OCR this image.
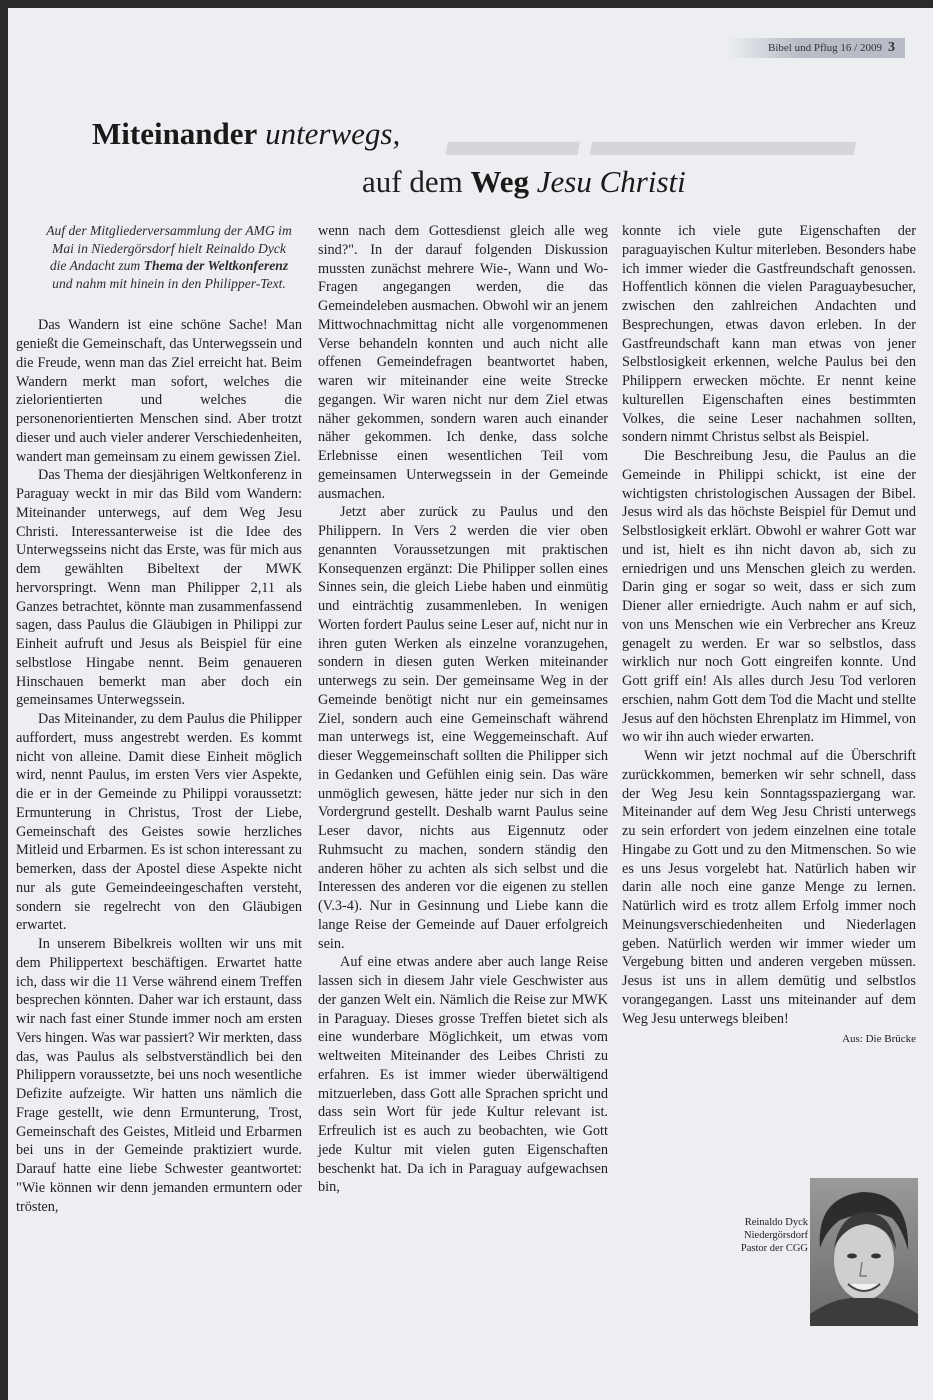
▬▬▬ ▬▬▬▬▬▬
Bibel und Pflug 16 / 2009 3
Miteinander unterwegs,
auf dem Weg Jesu Christi
Auf der Mitgliederversammlung der AMG im Mai in Niedergörsdorf hielt Reinaldo Dyck die Andacht zum Thema der Weltkonferenz und nahm mit hinein in den Philipper-Text.

Das Wandern ist eine schöne Sache! Man genießt die Gemeinschaft, das Unterwegssein und die Freude, wenn man das Ziel erreicht hat. Beim Wandern merkt man sofort, welches die zielorientierten und welches die personenorientierten Menschen sind. Aber trotzt dieser und auch vieler anderer Verschiedenheiten, wandert man gemeinsam zu einem gewissen Ziel.

Das Thema der diesjährigen Weltkonferenz in Paraguay weckt in mir das Bild vom Wandern: Miteinander unterwegs, auf dem Weg Jesu Christi. Interessanterweise ist die Idee des Unterwegsseins nicht das Erste, was für mich aus dem gewählten Bibeltext der MWK hervorspringt. Wenn man Philipper 2,11 als Ganzes betrachtet, könnte man zusammenfassend sagen, dass Paulus die Gläubigen in Philippi zur Einheit aufruft und Jesus als Beispiel für eine selbstlose Hingabe nennt. Beim genaueren Hinschauen bemerkt man aber doch ein gemeinsames Unterwegssein.

Das Miteinander, zu dem Paulus die Philipper auffordert, muss angestrebt werden. Es kommt nicht von alleine. Damit diese Einheit möglich wird, nennt Paulus, im ersten Vers vier Aspekte, die er in der Gemeinde zu Philippi voraussetzt: Ermunterung in Christus, Trost der Liebe, Gemeinschaft des Geistes sowie herzliches Mitleid und Erbarmen. Es ist schon interessant zu bemerken, dass der Apostel diese Aspekte nicht nur als gute Gemeindeeingeschaften versteht, sondern sie regelrecht von den Gläubigen erwartet.

In unserem Bibelkreis wollten wir uns mit dem Philippertext beschäftigen. Erwartet hatte ich, dass wir die 11 Verse während einem Treffen besprechen könnten. Daher war ich erstaunt, dass wir nach fast einer Stunde immer noch am ersten Vers hingen. Was war passiert? Wir merkten, dass das, was Paulus als selbstverständlich bei den Philippern voraussetzte, bei uns noch wesentliche Defizite aufzeigte. Wir hatten uns nämlich die Frage gestellt, wie denn Ermunterung, Trost, Gemeinschaft des Geistes, Mitleid und Erbarmen bei uns in der Gemeinde praktiziert wurde. Darauf hatte eine liebe Schwester geantwortet: "Wie können wir denn jemanden ermuntern oder trösten,

wenn nach dem Gottesdienst gleich alle weg sind?". In der darauf folgenden Diskussion mussten zunächst mehrere Wie-, Wann und Wo-Fragen angegangen werden, die das Gemeindeleben ausmachen. Obwohl wir an jenem Mittwochnachmittag nicht alle vorgenommenen Verse behandeln konnten und auch nicht alle offenen Gemeindefragen beantwortet haben, waren wir miteinander eine weite Strecke gegangen. Wir waren nicht nur dem Ziel etwas näher gekommen, sondern waren auch einander näher gekommen. Ich denke, dass solche Erlebnisse einen wesentlichen Teil vom gemeinsamen Unterwegssein in der Gemeinde ausmachen.

Jetzt aber zurück zu Paulus und den Philippern. In Vers 2 werden die vier oben genannten Voraussetzungen mit praktischen Konsequenzen ergänzt: Die Philipper sollen eines Sinnes sein, die gleich Liebe haben und einmütig und einträchtig zusammenleben. In wenigen Worten fordert Paulus seine Leser auf, nicht nur in ihren guten Werken als einzelne voranzugehen, sondern in diesen guten Werken miteinander unterwegs zu sein. Der gemeinsame Weg in der Gemeinde benötigt nicht nur ein gemeinsames Ziel, sondern auch eine Gemeinschaft während man unterwegs ist, eine Weggemeinschaft. Auf dieser Weggemeinschaft sollten die Philipper sich in Gedanken und Gefühlen einig sein. Das wäre unmöglich gewesen, hätte jeder nur sich in den Vordergrund gestellt. Deshalb warnt Paulus seine Leser davor, nichts aus Eigennutz oder Ruhmsucht zu machen, sondern ständig den anderen höher zu achten als sich selbst und die Interessen des anderen vor die eigenen zu stellen (V.3-4). Nur in Gesinnung und Liebe kann die lange Reise der Gemeinde auf Dauer erfolgreich sein.

Auf eine etwas andere aber auch lange Reise lassen sich in diesem Jahr viele Geschwister aus der ganzen Welt ein. Nämlich die Reise zur MWK in Paraguay. Dieses grosse Treffen bietet sich als eine wunderbare Möglichkeit, um etwas vom weltweiten Miteinander des Leibes Christi zu erfahren. Es ist immer wieder überwältigend mitzuerleben, dass Gott alle Sprachen spricht und dass sein Wort für jede Kultur relevant ist. Erfreulich ist es auch zu beobachten, wie Gott jede Kultur mit vielen guten Eigenschaften beschenkt hat. Da ich in Paraguay aufgewachsen bin,

konnte ich viele gute Eigenschaften der paraguayischen Kultur miterleben. Besonders habe ich immer wieder die Gastfreundschaft genossen. Hoffentlich können die vielen Paraguaybesucher, zwischen den zahlreichen Andachten und Besprechungen, etwas davon erleben. In der Gastfreundschaft kann man etwas von jener Selbstlosigkeit erkennen, welche Paulus bei den Philippern erwecken möchte. Er nennt keine kulturellen Eigenschaften eines bestimmten Volkes, die seine Leser nachahmen sollten, sondern nimmt Christus selbst als Beispiel.

Die Beschreibung Jesu, die Paulus an die Gemeinde in Philippi schickt, ist eine der wichtigsten christologischen Aussagen der Bibel. Jesus wird als das höchste Beispiel für Demut und Selbstlosigkeit erklärt. Obwohl er wahrer Gott war und ist, hielt es ihn nicht davon ab, sich zu erniedrigen und uns Menschen gleich zu werden. Darin ging er sogar so weit, dass er sich zum Diener aller erniedrigte. Auch nahm er auf sich, von uns Menschen wie ein Verbrecher ans Kreuz genagelt zu werden. Er war so selbstlos, dass wirklich nur noch Gott eingreifen konnte. Und Gott griff ein! Als alles durch Jesu Tod verloren erschien, nahm Gott dem Tod die Macht und stellte Jesus auf den höchsten Ehrenplatz im Himmel, von wo wir ihn auch wieder erwarten.

Wenn wir jetzt nochmal auf die Überschrift zurückkommen, bemerken wir sehr schnell, dass der Weg Jesu kein Sonntagsspaziergang war. Miteinander auf dem Weg Jesu Christi unterwegs zu sein erfordert von jedem einzelnen eine totale Hingabe zu Gott und zu den Mitmenschen. So wie es uns Jesus vorgelebt hat. Natürlich haben wir darin alle noch eine ganze Menge zu lernen. Natürlich wird es trotz allem Erfolg immer noch Meinungsverschiedenheiten und Niederlagen geben. Natürlich werden wir immer wieder um Vergebung bitten und anderen vergeben müssen. Jesus ist uns in allem demütig und selbstlos vorangegangen. Lasst uns miteinander auf dem Weg Jesu unterwegs bleiben!

Aus: Die Brücke
Reinaldo Dyck
Niedergörsdorf
Pastor der CGG
